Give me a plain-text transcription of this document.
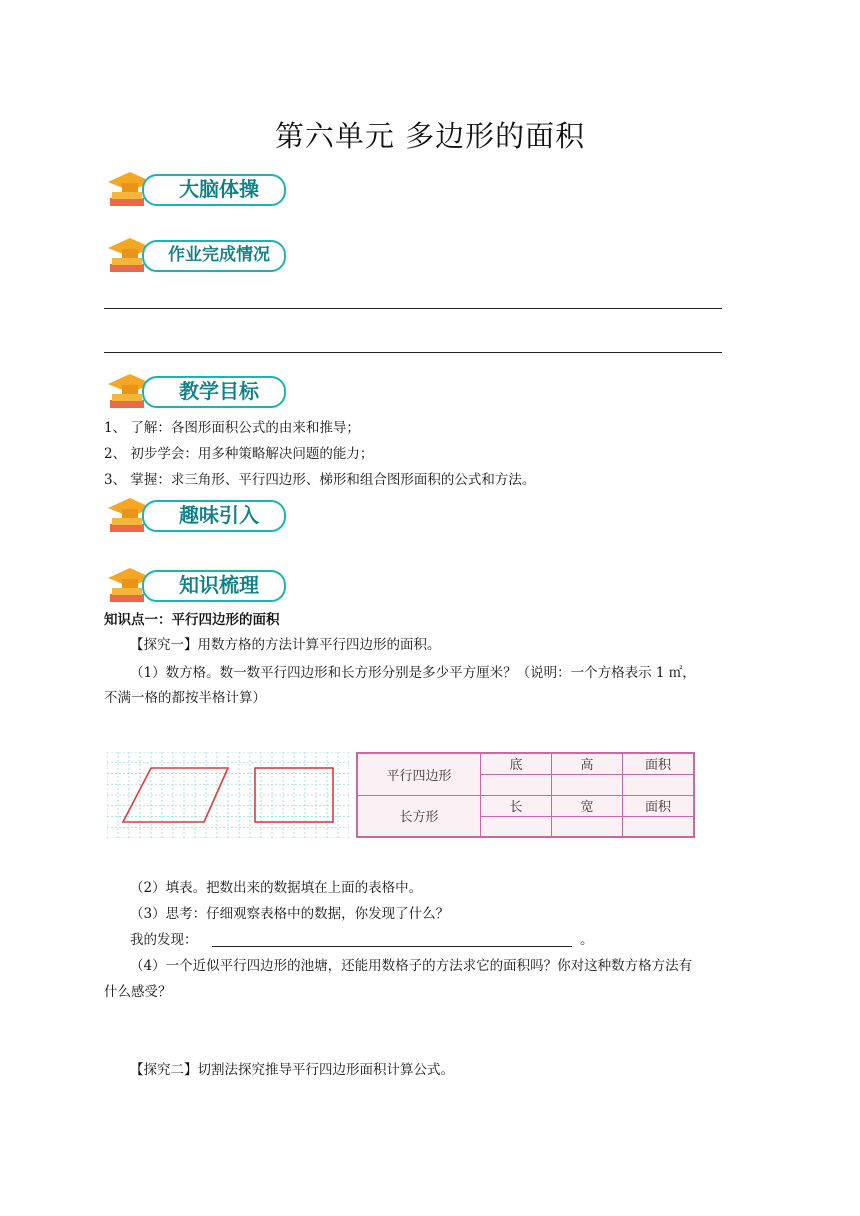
第六单元 多边形的面积
大脑体操
作业完成情况
教学目标
1、 了解：各图形面积公式的由来和推导；
2、 初步学会：用多种策略解决问题的能力；
3、 掌握：求三角形、平行四边形、梯形和组合图形面积的公式和方法。
趣味引入
知识梳理
知识点一：平行四边形的面积
【探究一】用数方格的方法计算平行四边形的面积。
（1）数方格。数一数平行四边形和长方形分别是多少平方厘米？（说明：一个方格表示 1 ㎡，
不满一格的都按半格计算）
平行四边形	底	高	面积

长方形	长	宽	面积

（2）填表。把数出来的数据填在上面的表格中。
（3）思考：仔细观察表格中的数据，你发现了什么？
我的发现：	。
（4）一个近似平行四边形的池塘，还能用数格子的方法求它的面积吗？你对这种数方格方法有
什么感受？
【探究二】切割法探究推导平行四边形面积计算公式。
